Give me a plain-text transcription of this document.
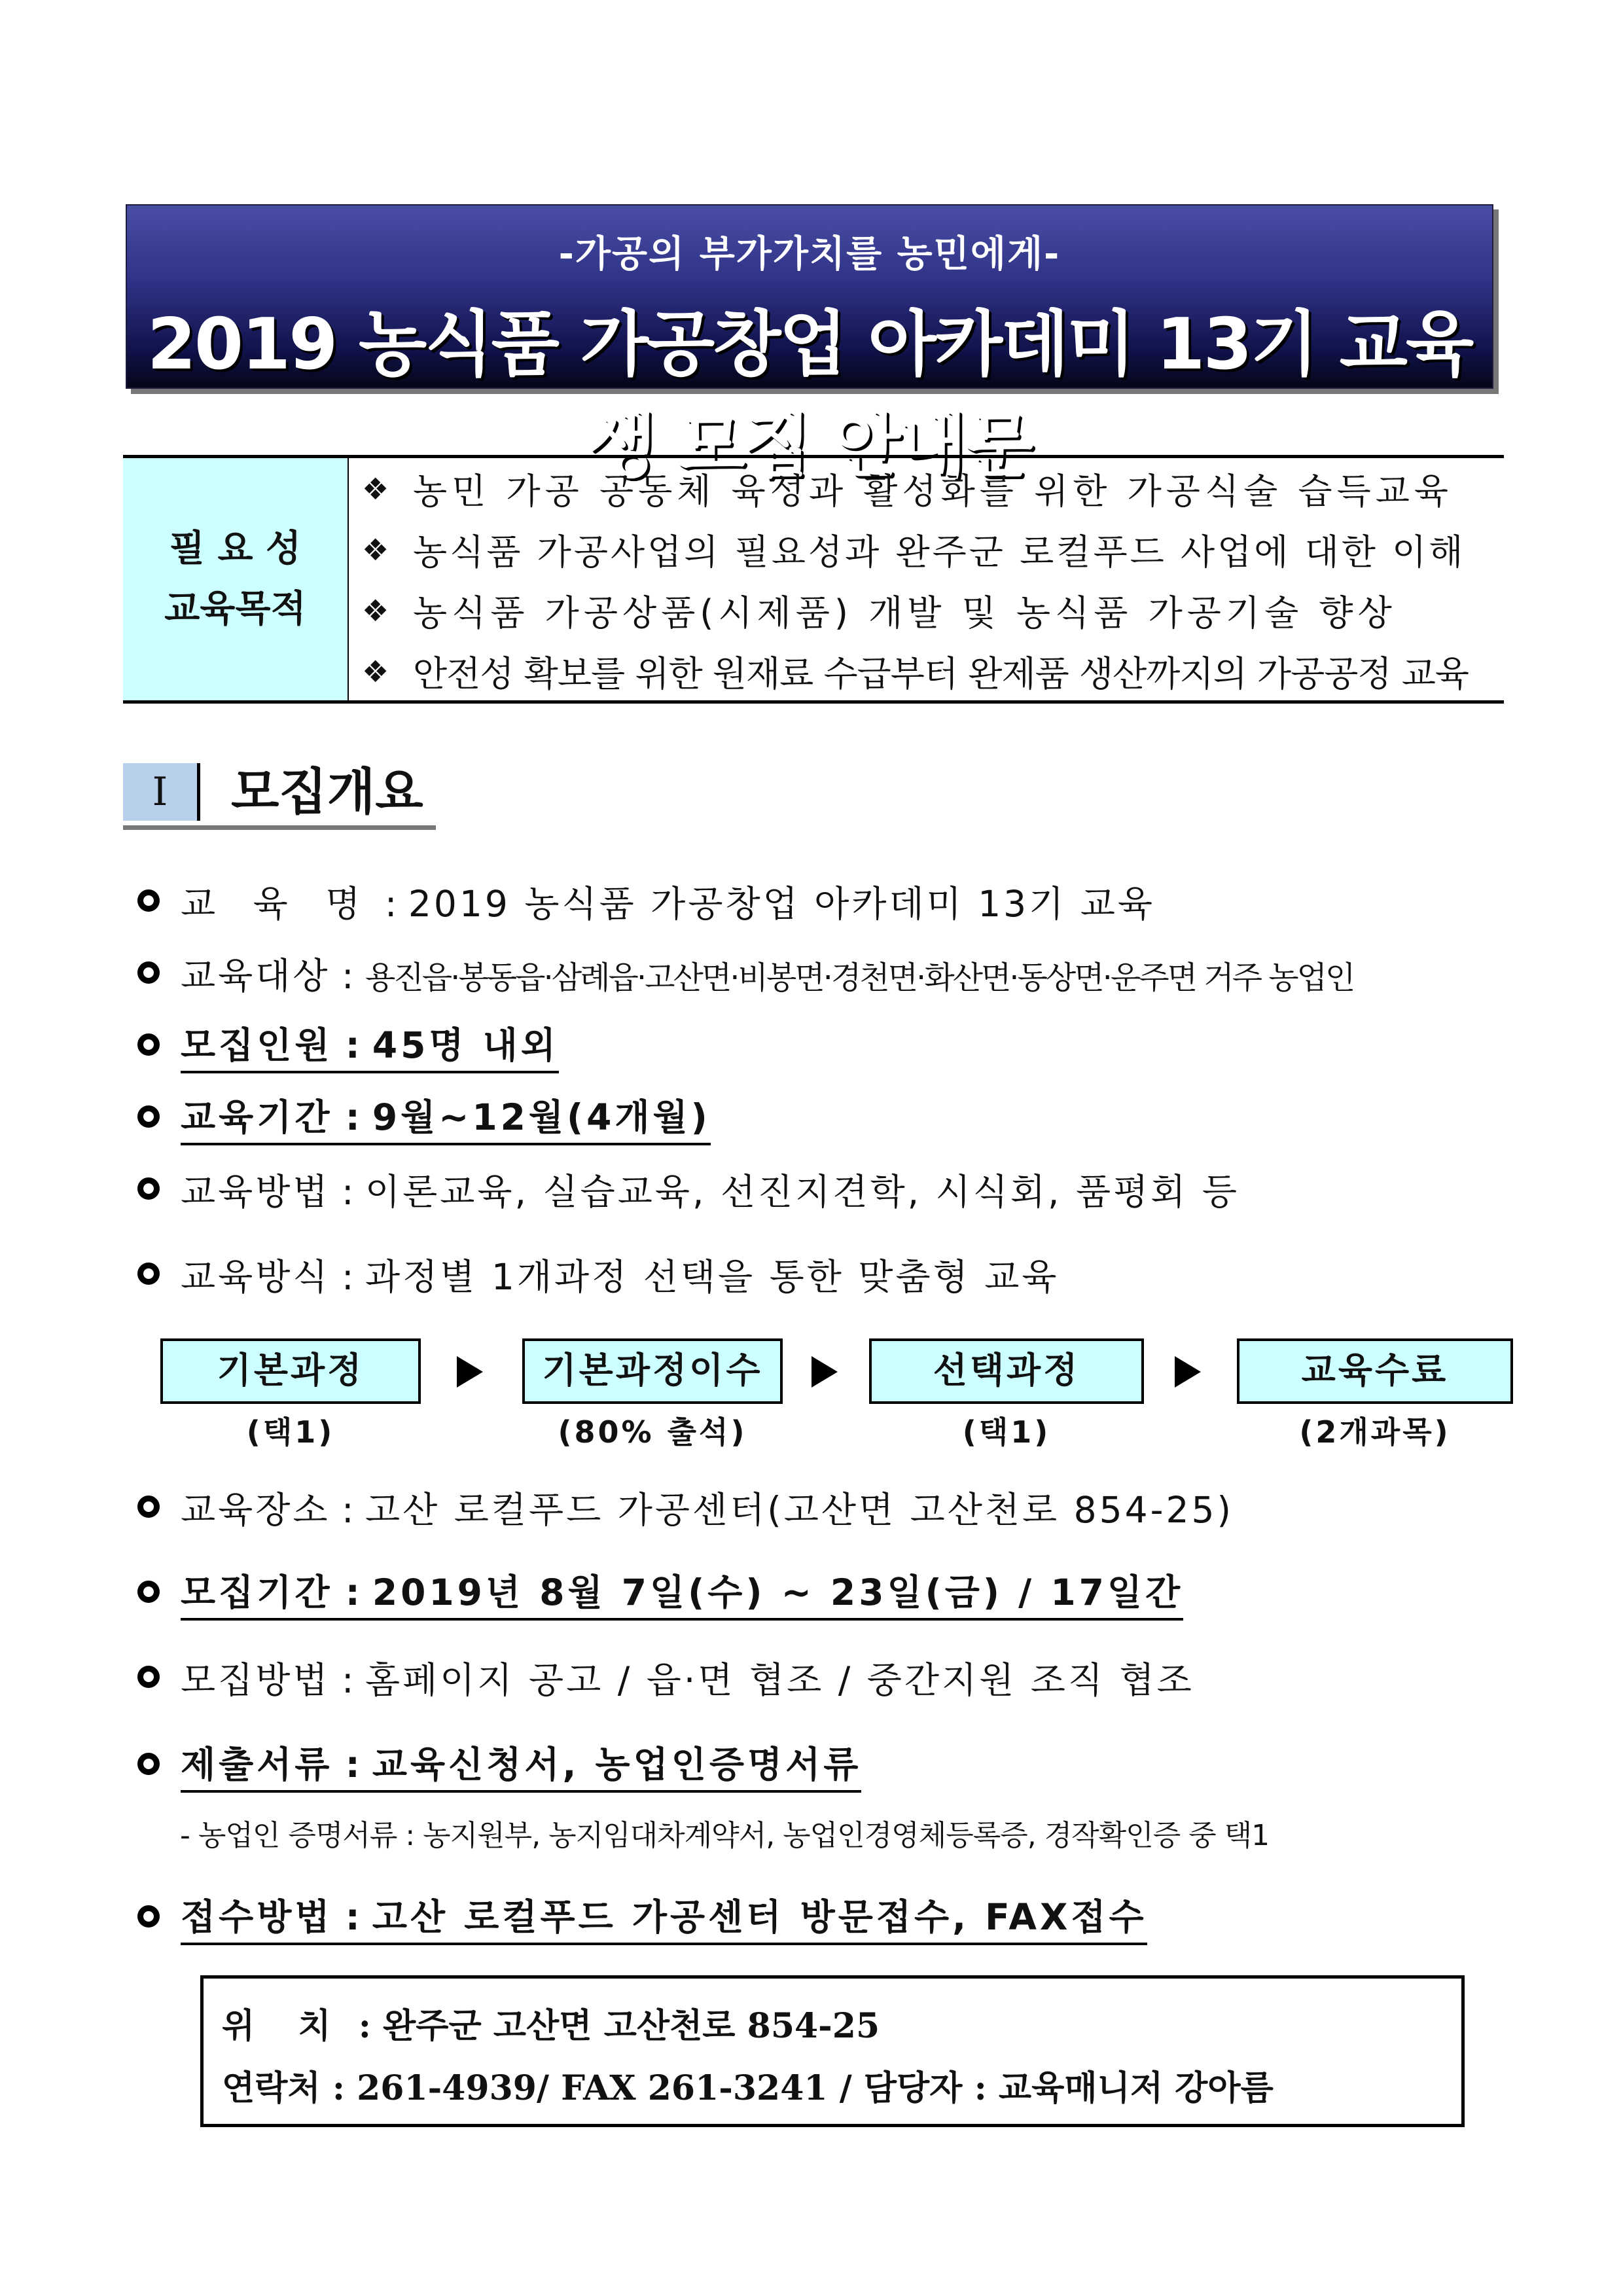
-가공의 부가가치를 농민에게-
2019 농식품 가공창업 아카데미 13기 교육생 모집 안내문
필 요 성
교육목적
❖ 농민 가공 공동체 육성과 활성화를 위한 가공식술 습득교육
❖ 농식품 가공사업의 필요성과 완주군 로컬푸드 사업에 대한 이해
❖ 농식품 가공상품(시제품) 개발 및 농식품 가공기술 향상
❖ 안전성 확보를 위한 원재료 수급부터 완제품 생산까지의 가공공정 교육
Ⅰ	모집개요
교 육 명 : 2019 농식품 가공창업 아카데미 13기 교육
교육대상 : 용진읍·봉동읍·삼례읍·고산면·비봉면·경천면·화산면·동상면·운주면 거주 농업인
모집인원 : 45명 내외
교육기간 : 9월~12월(4개월)
교육방법 : 이론교육, 실습교육, 선진지견학, 시식회, 품평회 등
교육방식 : 과정별 1개과정 선택을 통한 맞춤형 교육
기본과정
(택1)
기본과정이수
(80% 출석)
선택과정
(택1)
교육수료
(2개과목)
교육장소 : 고산 로컬푸드 가공센터(고산면 고산천로 854-25)
모집기간 : 2019년 8월 7일(수) ~ 23일(금) / 17일간
모집방법 : 홈페이지 공고 / 읍·면 협조 / 중간지원 조직 협조
제출서류 : 교육신청서, 농업인증명서류
- 농업인 증명서류 : 농지원부, 농지임대차계약서, 농업인경영체등록증, 경작확인증 중 택1
접수방법 : 고산 로컬푸드 가공센터 방문접수, FAX접수
위 치 : 완주군 고산면 고산천로 854-25
연락처 : 261-4939/ FAX 261-3241 / 담당자 : 교육매니저 강아름
